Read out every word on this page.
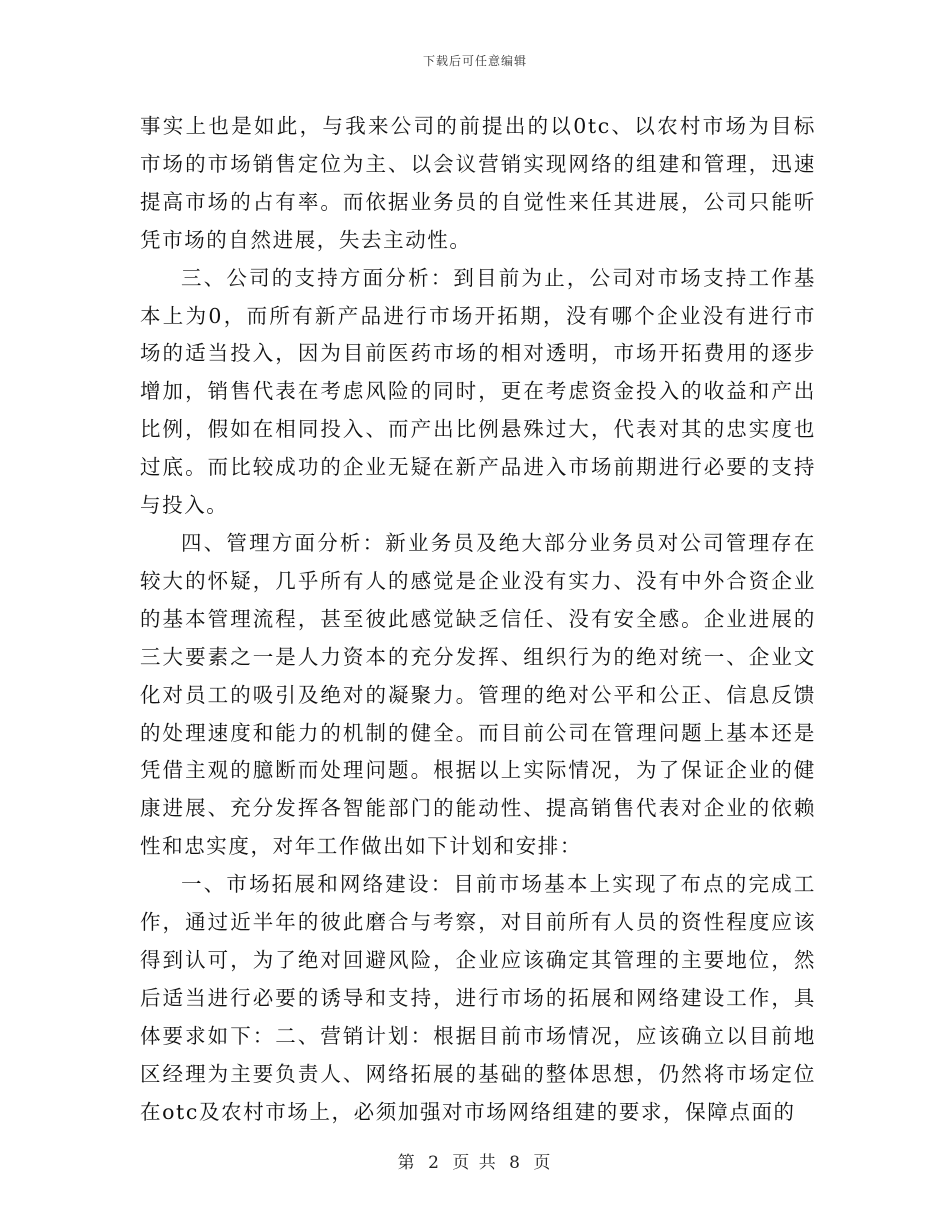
下载后可任意编辑

事实上也是如此，与我来公司的前提出的以0tc、以农村市场为目标市场的市场销售定位为主、以会议营销实现网络的组建和管理，迅速提高市场的占有率。而依据业务员的自觉性来任其进展，公司只能听凭市场的自然进展，失去主动性。

三、公司的支持方面分析：到目前为止，公司对市场支持工作基本上为0，而所有新产品进行市场开拓期，没有哪个企业没有进行市场的适当投入，因为目前医药市场的相对透明，市场开拓费用的逐步增加，销售代表在考虑风险的同时，更在考虑资金投入的收益和产出比例，假如在相同投入、而产出比例悬殊过大，代表对其的忠实度也过底。而比较成功的企业无疑在新产品进入市场前期进行必要的支持与投入。

四、管理方面分析：新业务员及绝大部分业务员对公司管理存在较大的怀疑，几乎所有人的感觉是企业没有实力、没有中外合资企业的基本管理流程，甚至彼此感觉缺乏信任、没有安全感。企业进展的三大要素之一是人力资本的充分发挥、组织行为的绝对统一、企业文化对员工的吸引及绝对的凝聚力。管理的绝对公平和公正、信息反馈的处理速度和能力的机制的健全。而目前公司在管理问题上基本还是凭借主观的臆断而处理问题。根据以上实际情况，为了保证企业的健康进展、充分发挥各智能部门的能动性、提高销售代表对企业的依赖性和忠实度，对年工作做出如下计划和安排：

一、市场拓展和网络建设：目前市场基本上实现了布点的完成工作，通过近半年的彼此磨合与考察，对目前所有人员的资性程度应该得到认可，为了绝对回避风险，企业应该确定其管理的主要地位，然后适当进行必要的诱导和支持，进行市场的拓展和网络建设工作，具体要求如下：二、营销计划：根据目前市场情况，应该确立以目前地区经理为主要负责人、网络拓展的基础的整体思想，仍然将市场定位在otc及农村市场上，必须加强对市场网络组建的要求，保障点面的

第 2 页 共 8 页
